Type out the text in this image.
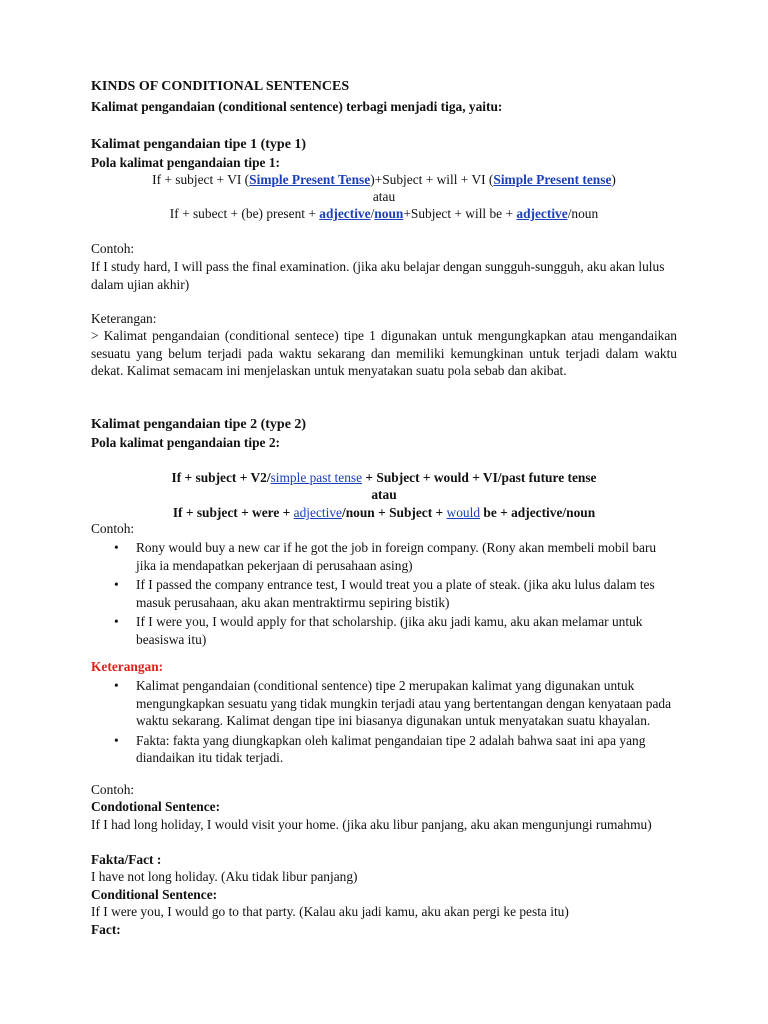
KINDS OF CONDITIONAL SENTENCES
Kalimat pengandaian (conditional sentence) terbagi menjadi tiga, yaitu:
Kalimat pengandaian tipe 1 (type 1)
Pola kalimat pengandaian tipe 1:
If + subject + VI (Simple Present Tense)+Subject + will + VI (Simple Present tense)
atau
If + subect + (be) present + adjective/noun+Subject + will be + adjective/noun
Contoh:
If I study hard, I will pass the final examination. (jika aku belajar dengan sungguh-sungguh, aku akan lulus dalam ujian akhir)
Keterangan:
> Kalimat pengandaian (conditional sentece) tipe 1 digunakan untuk mengungkapkan atau mengandaikan sesuatu yang belum terjadi pada waktu sekarang dan memiliki kemungkinan untuk terjadi dalam waktu dekat. Kalimat semacam ini menjelaskan untuk menyatakan suatu pola sebab dan akibat.
Kalimat pengandaian tipe 2 (type 2)
Pola kalimat pengandaian tipe 2:
If + subject + V2/simple past tense + Subject + would + VI/past future tense
atau
If + subject + were + adjective/noun + Subject + would be + adjective/noun
Contoh:
• Rony would buy a new car if he got the job in foreign company. (Rony akan membeli mobil baru jika ia mendapatkan pekerjaan di perusahaan asing)
• If I passed the company entrance test, I would treat you a plate of steak. (jika aku lulus dalam tes masuk perusahaan, aku akan mentraktirmu sepiring bistik)
• If I were you, I would apply for that scholarship. (jika aku jadi kamu, aku akan melamar untuk beasiswa itu)
Keterangan:
• Kalimat pengandaian (conditional sentence) tipe 2 merupakan kalimat yang digunakan untuk mengungkapkan sesuatu yang tidak mungkin terjadi atau yang bertentangan dengan kenyataan pada waktu sekarang. Kalimat dengan tipe ini biasanya digunakan untuk menyatakan suatu khayalan.
• Fakta: fakta yang diungkapkan oleh kalimat pengandaian tipe 2 adalah bahwa saat ini apa yang diandaikan itu tidak terjadi.
Contoh:
Condotional Sentence:
If I had long holiday, I would visit your home. (jika aku libur panjang, aku akan mengunjungi rumahmu)
Fakta/Fact :
I have not long holiday. (Aku tidak libur panjang)
Conditional Sentence:
If I were you, I would go to that party. (Kalau aku jadi kamu, aku akan pergi ke pesta itu)
Fact:
